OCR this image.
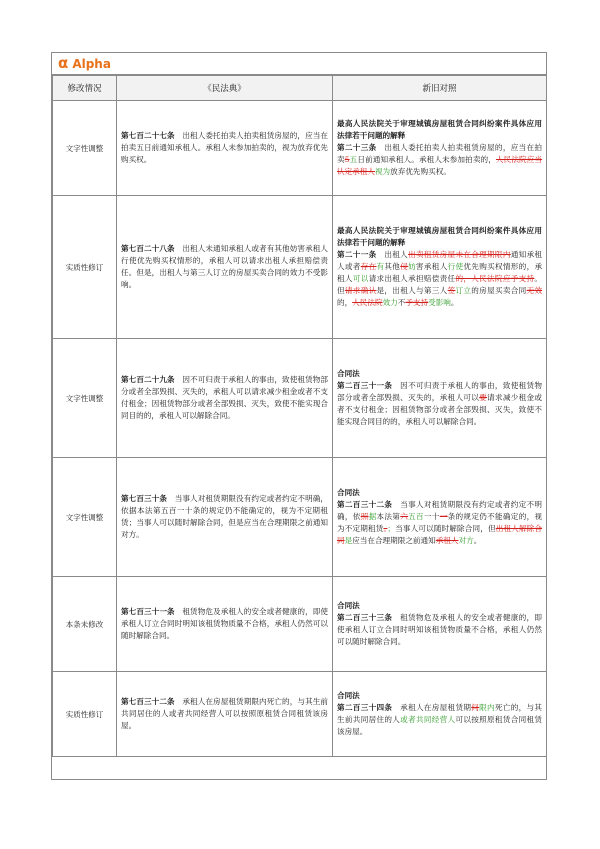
α Alpha
修改情况	《民法典》	新旧对照
文字性调整	第七百二十七条　 出租人委托拍卖人拍卖租赁房屋的，应当在拍卖五日前通知承租人。承租人未参加拍卖的，视为放弃优先购买权。	最高人民法院关于审理城镇房屋租赁合同纠纷案件具体应用法律若干问题的解释
第二十三条　出租人委托拍卖人拍卖租赁房屋的，应当在拍卖5五日前通知承租人。承租人未参加拍卖的，人民法院应当认定承租人视为放弃优先购买权。
实质性修订	第七百二十八条　 出租人未通知承租人或者有其他妨害承租人行使优先购买权情形的，承租人可以请求出租人承担赔偿责任。但是，出租人与第三人订立的房屋买卖合同的效力不受影响。	最高人民法院关于审理城镇房屋租赁合同纠纷案件具体应用法律若干问题的解释
第二十一条　出租人出卖租赁房屋未在合理期限内通知承租人或者存在有其他侵妨害承租人行使优先购买权情形的，承租人可以请求出租人承担赔偿责任的，人民法院应予支持。但请求确认是，出租人与第三人签订立的房屋买卖合同无效的，人民法院效力不予支持受影响。
文字性调整	第七百二十九条　 因不可归责于承租人的事由，致使租赁物部分或者全部毁损、灭失的，承租人可以请求减少租金或者不支付租金；因租赁物部分或者全部毁损、灭失，致使不能实现合同目的的，承租人可以解除合同。	合同法
第二百三十一条　因不可归责于承租人的事由，致使租赁物部分或者全部毁损、灭失的，承租人可以要请求减少租金或者不支付租金；因租赁物部分或者全部毁损、灭失，致使不能实现合同目的的，承租人可以解除合同。
文字性调整	第七百三十条　 当事人对租赁期限没有约定或者约定不明确，依据本法第五百一十条的规定仍不能确定的，视为不定期租赁；当事人可以随时解除合同，但是应当在合理期限之前通知对方。	合同法
第二百三十二条　当事人对租赁期限没有约定或者约定不明确，依照据本法第六五百一十一条的规定仍不能确定的，视为不定期租赁。；当事人可以随时解除合同，但出租人解除合同是应当在合理期限之前通知承租人对方。
本条未修改	第七百三十一条　 租赁物危及承租人的安全或者健康的，即使承租人订立合同时明知该租赁物质量不合格，承租人仍然可以随时解除合同。	合同法
第二百三十三条　租赁物危及承租人的安全或者健康的，即使承租人订立合同时明知该租赁物质量不合格，承租人仍然可以随时解除合同。
实质性修订	第七百三十二条　 承租人在房屋租赁期限内死亡的，与其生前共同居住的人或者共同经营人可以按照原租赁合同租赁该房屋。	合同法
第二百三十四条　承租人在房屋租赁期间限内死亡的，与其生前共同居住的人或者共同经营人可以按照原租赁合同租赁该房屋。
